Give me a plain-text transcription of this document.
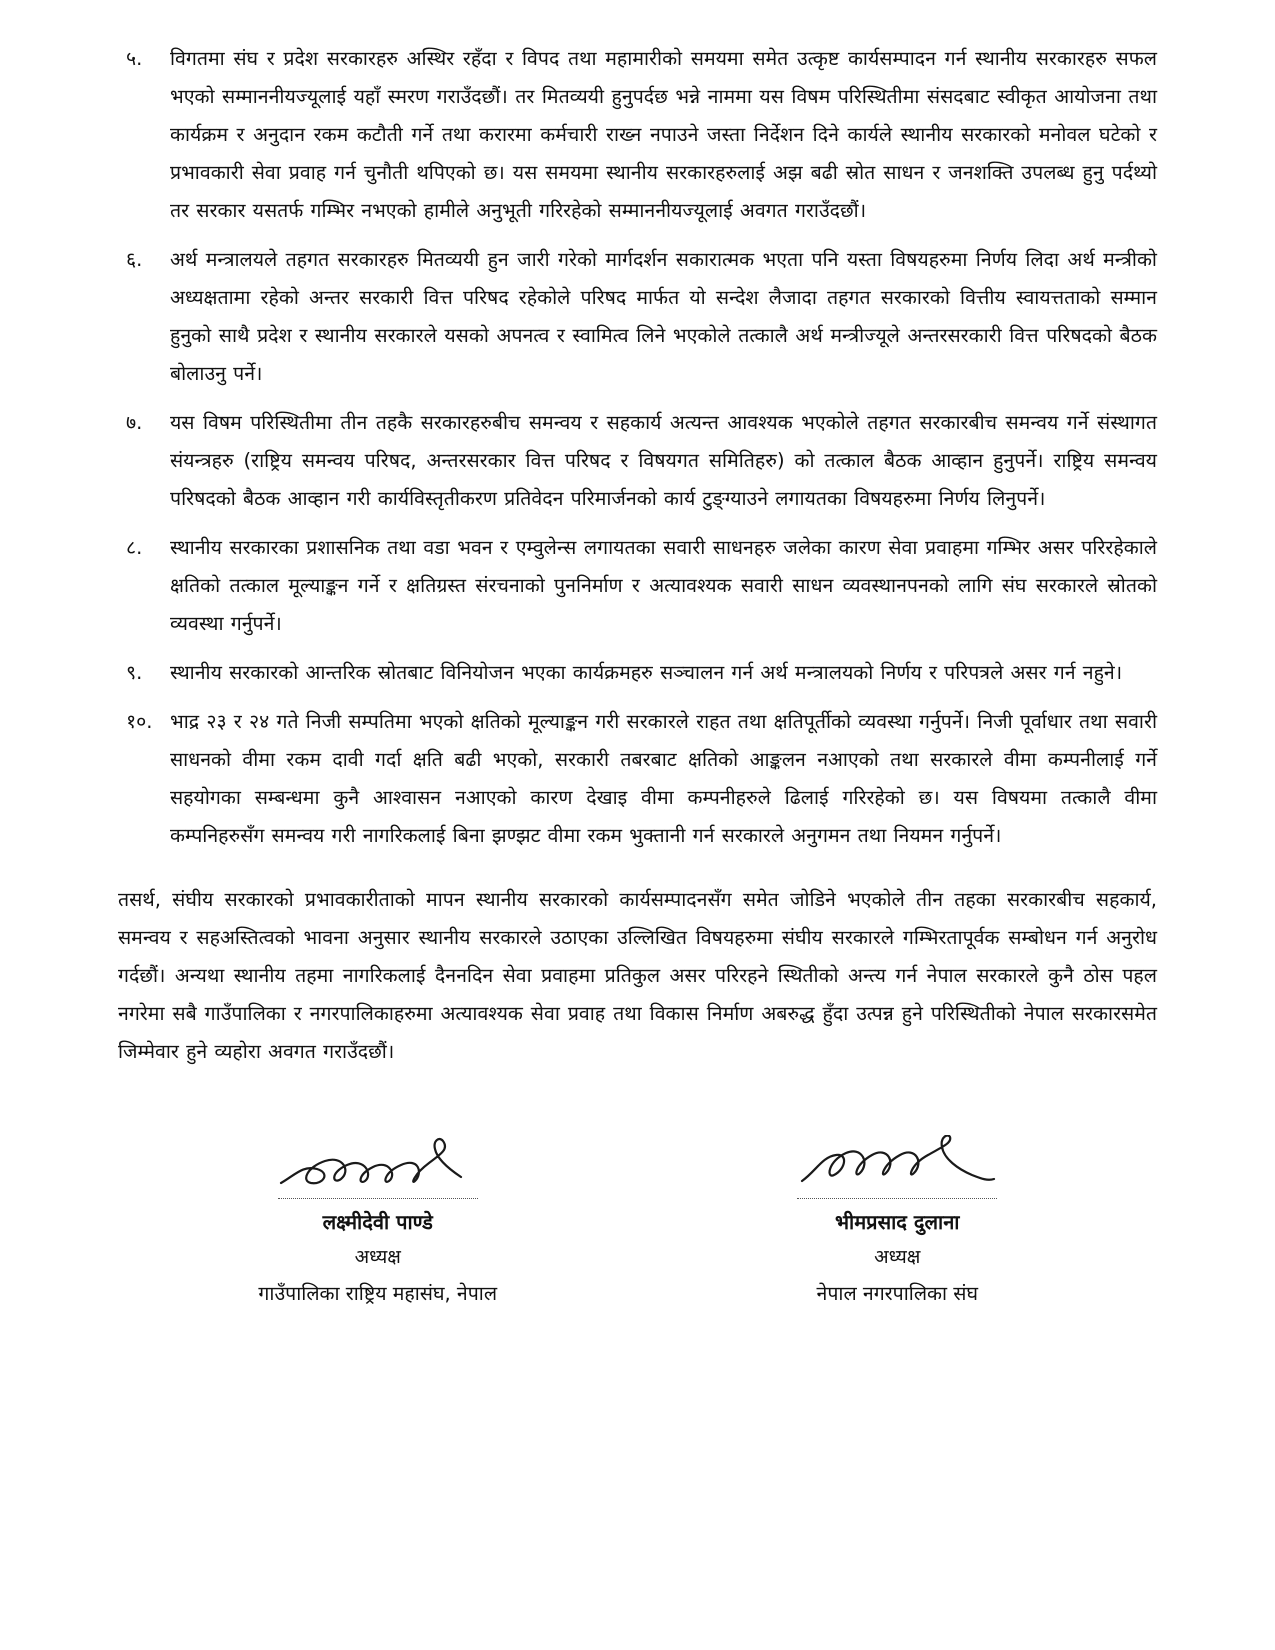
५.	विगतमा संघ र प्रदेश सरकारहरु अस्थिर रहँदा र विपद तथा महामारीको समयमा समेत उत्कृष्ट कार्यसम्पादन गर्न स्थानीय सरकारहरु सफल भएको सम्माननीयज्यूलाई यहाँ स्मरण गराउँदछौं। तर मितव्ययी हुनुपर्दछ भन्ने नाममा यस विषम परिस्थितीमा संसदबाट स्वीकृत आयोजना तथा कार्यक्रम र अनुदान रकम कटौती गर्ने तथा करारमा कर्मचारी राख्न नपाउने जस्ता निर्देशन दिने कार्यले स्थानीय सरकारको मनोवल घटेको र प्रभावकारी सेवा प्रवाह गर्न चुनौती थपिएको छ। यस समयमा स्थानीय सरकारहरुलाई अझ बढी स्रोत साधन र जनशक्ति उपलब्ध हुनु पर्दथ्यो तर सरकार यसतर्फ गम्भिर नभएको हामीले अनुभूती गरिरहेको सम्माननीयज्यूलाई अवगत गराउँदछौं।
६.	अर्थ मन्त्रालयले तहगत सरकारहरु मितव्ययी हुन जारी गरेको मार्गदर्शन सकारात्मक भएता पनि यस्ता विषयहरुमा निर्णय लिदा अर्थ मन्त्रीको अध्यक्षतामा रहेको अन्तर सरकारी वित्त परिषद रहेकोले परिषद मार्फत यो सन्देश लैजादा तहगत सरकारको वित्तीय स्वायत्तताको सम्मान हुनुको साथै प्रदेश र स्थानीय सरकारले यसको अपनत्व र स्वामित्व लिने भएकोले तत्कालै अर्थ मन्त्रीज्यूले अन्तरसरकारी वित्त परिषदको बैठक बोलाउनु पर्ने।
७.	यस विषम परिस्थितीमा तीन तहकै सरकारहरुबीच समन्वय र सहकार्य अत्यन्त आवश्यक भएकोले तहगत सरकारबीच समन्वय गर्ने संस्थागत संयन्त्रहरु (राष्ट्रिय समन्वय परिषद, अन्तरसरकार वित्त परिषद र विषयगत समितिहरु) को तत्काल बैठक आव्हान हुनुपर्ने। राष्ट्रिय समन्वय परिषदको बैठक आव्हान गरी कार्यविस्तृतीकरण प्रतिवेदन परिमार्जनको कार्य टुङ्ग्याउने लगायतका विषयहरुमा निर्णय लिनुपर्ने।
८.	स्थानीय सरकारका प्रशासनिक तथा वडा भवन र एम्वुलेन्स लगायतका सवारी साधनहरु जलेका कारण सेवा प्रवाहमा गम्भिर असर परिरहेकाले क्षतिको तत्काल मूल्याङ्कन गर्ने र क्षतिग्रस्त संरचनाको पुननिर्माण र अत्यावश्यक सवारी साधन व्यवस्थानपनको लागि संघ सरकारले स्रोतको व्यवस्था गर्नुपर्ने।
९.	स्थानीय सरकारको आन्तरिक स्रोतबाट विनियोजन भएका कार्यक्रमहरु सञ्चालन गर्न अर्थ मन्त्रालयको निर्णय र परिपत्रले असर गर्न नहुने।
१०. भाद्र २३ र २४ गते निजी सम्पतिमा भएको क्षतिको मूल्याङ्कन गरी सरकारले राहत तथा क्षतिपूर्तीको व्यवस्था गर्नुपर्ने। निजी पूर्वाधार तथा सवारी साधनको वीमा रकम दावी गर्दा क्षति बढी भएको, सरकारी तबरबाट क्षतिको आङ्कलन नआएको तथा सरकारले वीमा कम्पनीलाई गर्ने सहयोगका सम्बन्धमा कुनै आश्वासन नआएको कारण देखाइ वीमा कम्पनीहरुले ढिलाई गरिरहेको छ। यस विषयमा तत्कालै वीमा कम्पनिहरुसँग समन्वय गरी नागरिकलाई बिना झण्झट वीमा रकम भुक्तानी गर्न सरकारले अनुगमन तथा नियमन गर्नुपर्ने।

तसर्थ, संघीय सरकारको प्रभावकारीताको मापन स्थानीय सरकारको कार्यसम्पादनसँग समेत जोडिने भएकोले तीन तहका सरकारबीच सहकार्य, समन्वय र सहअस्तित्वको भावना अनुसार स्थानीय सरकारले उठाएका उल्लिखित विषयहरुमा संघीय सरकारले गम्भिरतापूर्वक सम्बोधन गर्न अनुरोध गर्दछौं। अन्यथा स्थानीय तहमा नागरिकलाई दैननदिन सेवा प्रवाहमा प्रतिकुल असर परिरहने स्थितीको अन्त्य गर्न नेपाल सरकारले कुनै ठोस पहल नगरेमा सबै गाउँपालिका र नगरपालिकाहरुमा अत्यावश्यक सेवा प्रवाह तथा विकास निर्माण अबरुद्ध हुँदा उत्पन्न हुने परिस्थितीको नेपाल सरकारसमेत जिम्मेवार हुने व्यहोरा अवगत गराउँदछौं।

लक्ष्मीदेवी पाण्डे
अध्यक्ष
गाउँपालिका राष्ट्रिय महासंघ, नेपाल
भीमप्रसाद दुलाना
अध्यक्ष
नेपाल नगरपालिका संघ
